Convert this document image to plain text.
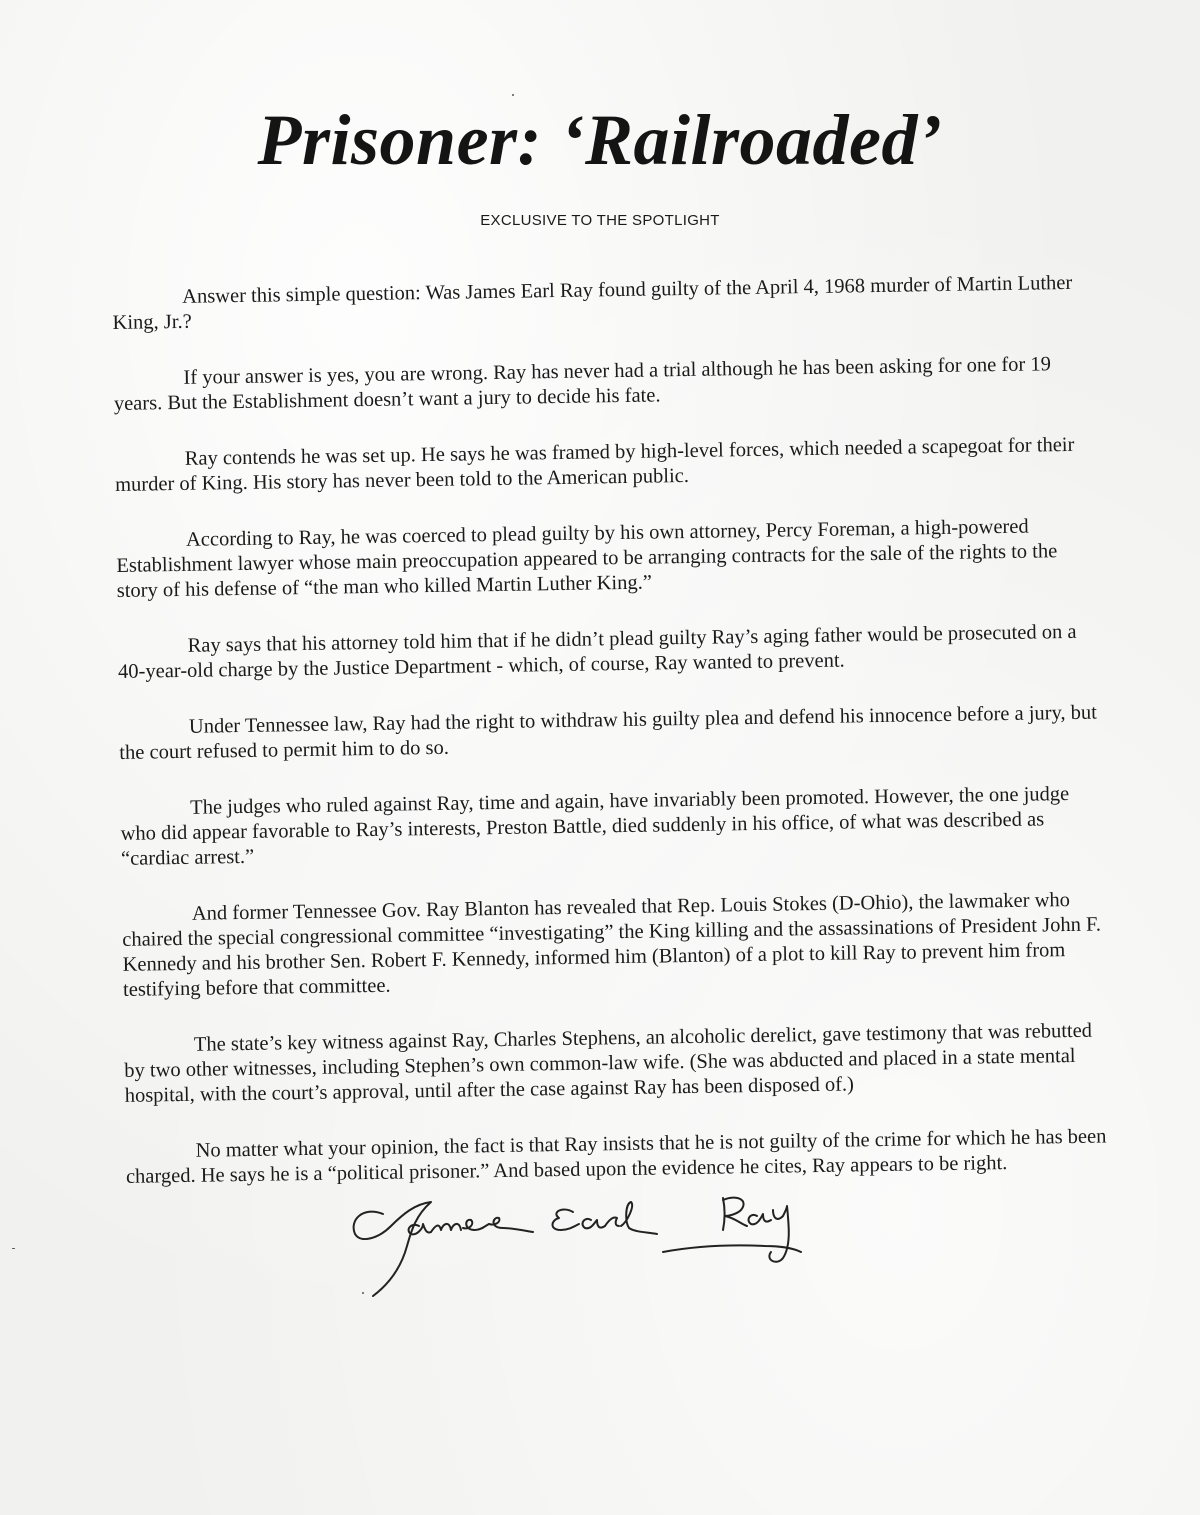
Prisoner: ‘Railroaded’
EXCLUSIVE TO THE SPOTLIGHT

Answer this simple question: Was James Earl Ray found guilty of the April 4, 1968 murder of Martin Luther King, Jr.?

If your answer is yes, you are wrong. Ray has never had a trial although he has been asking for one for 19 years. But the Establishment doesn’t want a jury to decide his fate.

Ray contends he was set up. He says he was framed by high-level forces, which needed a scapegoat for their murder of King. His story has never been told to the American public.

According to Ray, he was coerced to plead guilty by his own attorney, Percy Foreman, a high-powered Establishment lawyer whose main preoccupation appeared to be arranging contracts for the sale of the rights to the story of his defense of “the man who killed Martin Luther King.”

Ray says that his attorney told him that if he didn’t plead guilty Ray’s aging father would be prosecuted on a 40-year-old charge by the Justice Department - which, of course, Ray wanted to prevent.

Under Tennessee law, Ray had the right to withdraw his guilty plea and defend his innocence before a jury, but the court refused to permit him to do so.

The judges who ruled against Ray, time and again, have invariably been promoted. However, the one judge who did appear favorable to Ray’s interests, Preston Battle, died suddenly in his office, of what was described as “cardiac arrest.”

And former Tennessee Gov. Ray Blanton has revealed that Rep. Louis Stokes (D-Ohio), the lawmaker who chaired the special congressional committee “investigating” the King killing and the assassinations of President John F. Kennedy and his brother Sen. Robert F. Kennedy, informed him (Blanton) of a plot to kill Ray to prevent him from testifying before that committee.

The state’s key witness against Ray, Charles Stephens, an alcoholic derelict, gave testimony that was rebutted by two other witnesses, including Stephen’s own common-law wife. (She was abducted and placed in a state mental hospital, with the court’s approval, until after the case against Ray has been disposed of.)

No matter what your opinion, the fact is that Ray insists that he is not guilty of the crime for which he has been charged. He says he is a “political prisoner.” And based upon the evidence he cites, Ray appears to be right.
